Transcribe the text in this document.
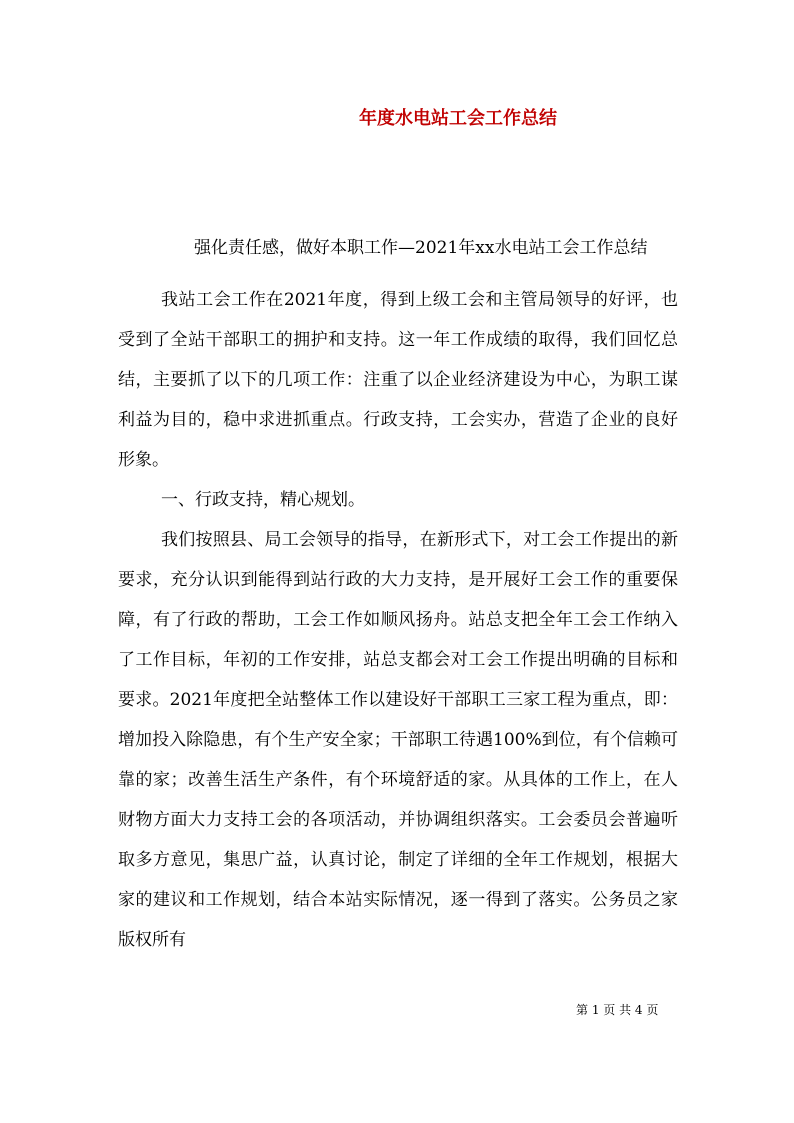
年度水电站工会工作总结

强化责任感，做好本职工作—2021年xx水电站工会工作总结

我站工会工作在2021年度，得到上级工会和主管局领导的好评，也受到了全站干部职工的拥护和支持。这一年工作成绩的取得，我们回忆总结，主要抓了以下的几项工作：注重了以企业经济建设为中心，为职工谋利益为目的，稳中求进抓重点。行政支持，工会实办，营造了企业的良好形象。

一、行政支持，精心规划。

我们按照县、局工会领导的指导，在新形式下，对工会工作提出的新要求，充分认识到能得到站行政的大力支持，是开展好工会工作的重要保障，有了行政的帮助，工会工作如顺风扬舟。站总支把全年工会工作纳入了工作目标，年初的工作安排，站总支都会对工会工作提出明确的目标和要求。2021年度把全站整体工作以建设好干部职工三家工程为重点，即：增加投入除隐患，有个生产安全家；干部职工待遇100%到位，有个信赖可靠的家；改善生活生产条件，有个环境舒适的家。从具体的工作上，在人财物方面大力支持工会的各项活动，并协调组织落实。工会委员会普遍听取多方意见，集思广益，认真讨论，制定了详细的全年工作规划，根据大家的建议和工作规划，结合本站实际情况，逐一得到了落实。公务员之家版权所有

第 1 页 共 4 页
